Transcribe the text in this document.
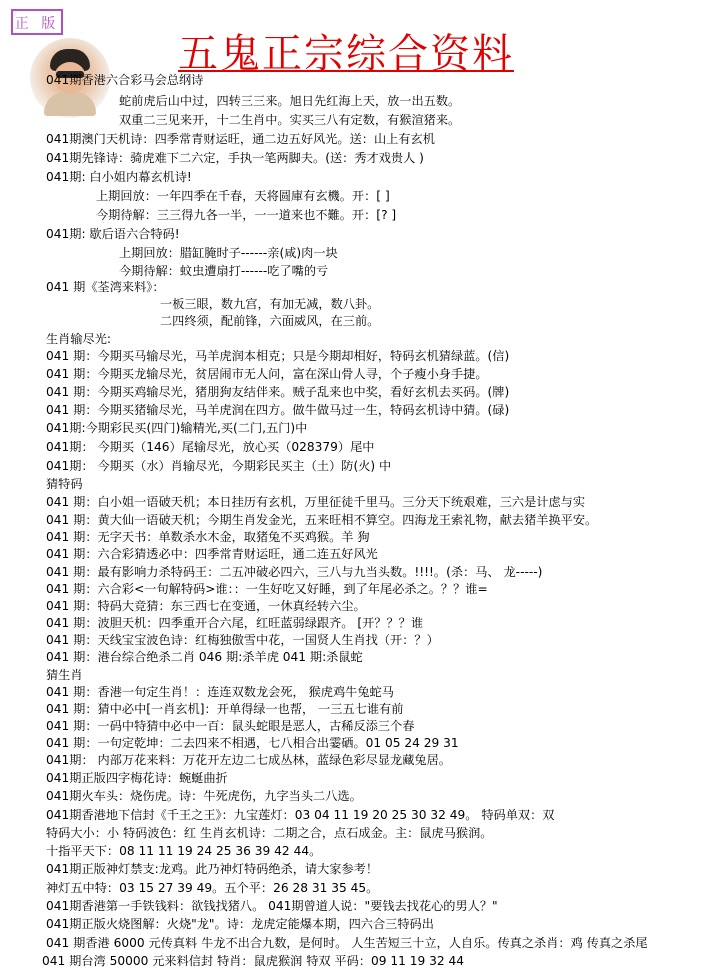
正 版
五鬼正宗综合资料
041期香港六合彩马会总纲诗
蛇前虎后山中过，四转三三来。旭日先红海上天，放一出五数。
双重二三见来开，十二生肖中。实买三八有定数，有猴渲猪来。
041期澳门天机诗：四季常青财运旺，通二边五好风光。送：山上有玄机
041期先锋诗：骑虎难下二六定，手执一笔两脚夫。(送：秀才戏贵人 )
041期: 白小姐内幕玄机诗!
上期回放：一年四季在千春，天将圆庫有玄機。开：[ ]
今期待解：三三得九各一半，一一道来也不難。开：[? ]
041期: 歇后语六合特码!
上期回放：腊缸腌时子------亲(咸)肉一块
今期待解：蚊虫遭扇打------吃了嘴的亏
041 期《荃湾来料》：
一板三眼，数九宫，有加无减，数八卦。
二四终须，配前锋，六面威风，在三前。
生肖输尽光:
041 期：今期买马输尽光，马羊虎润本相克；只是今期却相好，特码玄机猜绿蓝。(信)
041 期：今期买龙输尽光，贫居闹市无人问，富在深山骨人寻，个子瘦小身手捷。
041 期：今期买鸡输尽光，猪朋狗友结伴来。贼子乱来也中奖，看好玄机去买码。(牌)
041 期：今期买猪输尽光，马羊虎润在四方。做牛做马过一生，特码玄机诗中猜。(碌)
041期:今期彩民买(四门)输精光,买(二门,五门)中
041期： 今期买（146）尾输尽光，放心买（028379）尾中
041期： 今期买（水）肖输尽光，今期彩民买主（土）防(火) 中
猜特码
041 期：白小姐一语破天机；本日挂历有玄机，万里征徒千里马。三分天下统艰难，三六是计虑与实
041 期：黄大仙一语破天机；今期生肖发金光，五来旺相不算空。四海龙王索礼物，献去猪羊换平安。
041 期：无字天书：单数杀水木金，取猪兔不买鸡猴。羊 狗
041 期：六合彩猜透必中：四季常青财运旺，通二连五好风光
041 期：最有影响力杀特码王：二五冲破必四六，三八与九当头数。!!!!。(杀：马、 龙-----)
041 期：六合彩<一句解特码>谁：：一生好吃又好睡，到了年尾必杀之。？？谁=
041 期：特码大竞猜：东三西七在变通，一休真经转六尘。
041 期：波胆天机：四季重开合六尾，红旺蓝弱绿跟齐。 [开？？？谁
041 期：天线宝宝波色诗：红梅独傲雪中花，一国贤人生肖找（开：？）
041 期：港台综合绝杀二肖 046 期:杀羊虎 041 期:杀鼠蛇
猜生肖
041 期：香港一句定生肖！：连连双数龙会死， 猴虎鸡牛兔蛇马
041 期：猜中必中[一肖玄机]：开单得绿一也帮， 一三五七谁有前
041 期：一码中特猜中必中一百：鼠头蛇眼是恶人，古稀反添三个春
041 期：一句定乾坤：二去四来不相遇，七八相合出霎硒。01 05 24 29 31
041期： 内部万花来料：万花开左边二七成丛林，蓝绿色彩尽显龙藏兔居。
041期正版四字梅花诗：蜿蜒曲折
041期火车头：烧伤虎。诗：牛死虎伤，九字当头二八选。
041期香港地下信封《千王之王》：九宝莲灯：03 04 11 19 20 25 30 32 49。 特码单双：双
特码大小：小 特码波色：红 生肖玄机诗：二期之合，点石成金。主：鼠虎马猴润。
十指平天下：08 11 11 19 24 25 36 39 42 44。
041期正版神灯禁支:龙鸡。此乃神灯特码绝杀，请大家参考！
神灯五中特：03 15 27 39 49。五个平：26 28 31 35 45。
041期香港第一手铁钱料：欲钱找猪八。 041期曾道人说："要钱去找花心的男人？"
041期正版火烧图解：火烧"龙"。诗：龙虎定能爆本期，四六合三特码出
041 期香港 6000 元传真料 牛龙不出合九数，是何时。 人生苦短三十立，人自乐。传真之杀肖：鸡 传真之杀尾
041 期台湾 50000 元来料信封 特肖：鼠虎猴润 特双 平码：09 11 19 32 44
